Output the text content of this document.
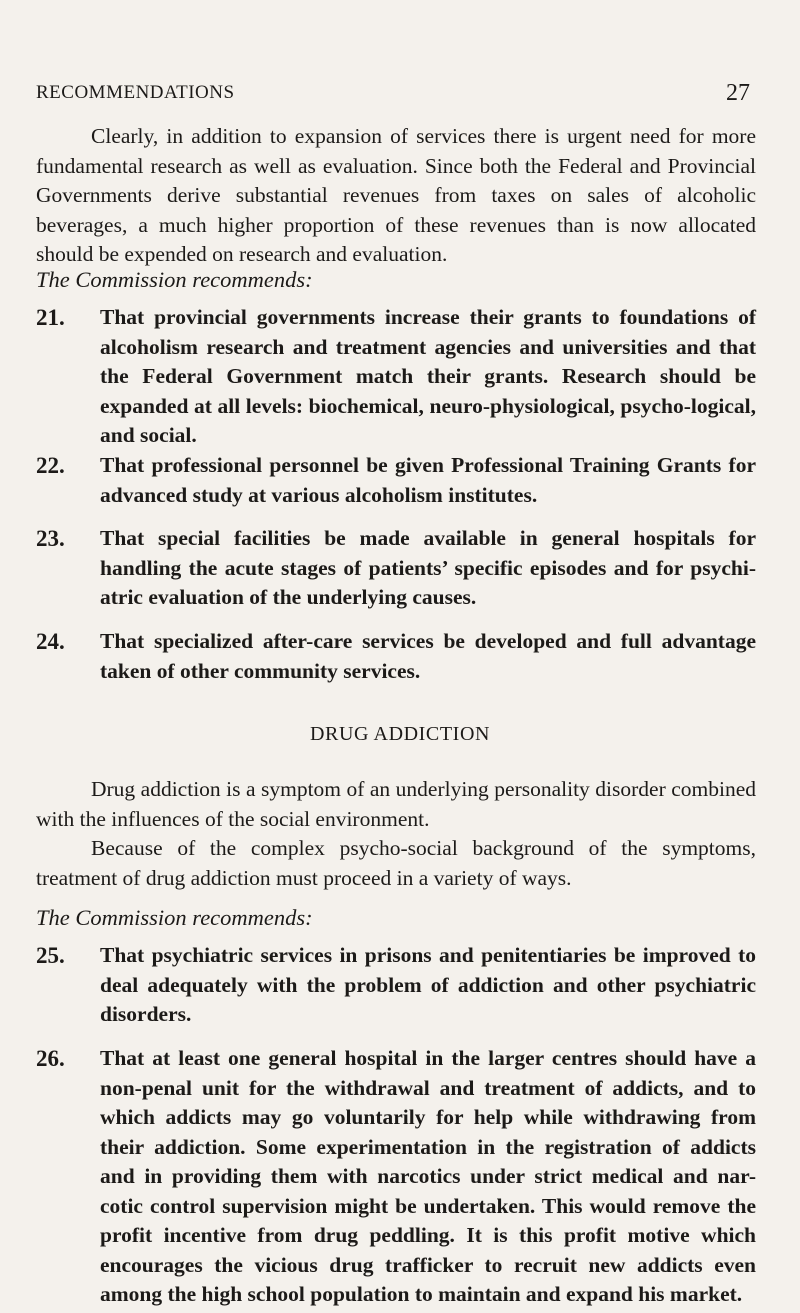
RECOMMENDATIONS	27

Clearly, in addition to expansion of services there is urgent need for more fundamental research as well as evaluation. Since both the Federal and Provincial Governments derive substantial revenues from taxes on sales of alcoholic beverages, a much higher proportion of these revenues than is now allocated should be expended on research and evaluation.

The Commission recommends:

21.	That provincial governments increase their grants to foundations of alcoholism research and treatment agencies and universities and that the Federal Government match their grants. Research should be expanded at all levels: biochemical, neuro-physiological, psycho-logical, and social.

22.	That professional personnel be given Professional Training Grants for advanced study at various alcoholism institutes.

23.	That special facilities be made available in general hospitals for handling the acute stages of patients’ specific episodes and for psychi-atric evaluation of the underlying causes.

24.	That specialized after-care services be developed and full advantage taken of other community services.

DRUG ADDICTION

Drug addiction is a symptom of an underlying personality disorder combined with the influences of the social environment.

Because of the complex psycho-social background of the symptoms, treatment of drug addiction must proceed in a variety of ways.

The Commission recommends:

25.	That psychiatric services in prisons and penitentiaries be improved to deal adequately with the problem of addiction and other psychiatric disorders.

26.	That at least one general hospital in the larger centres should have a non-penal unit for the withdrawal and treatment of addicts, and to which addicts may go voluntarily for help while withdrawing from their addiction. Some experimentation in the registration of addicts and in providing them with narcotics under strict medical and nar-cotic control supervision might be undertaken. This would remove the profit incentive from drug peddling. It is this profit motive which encourages the vicious drug trafficker to recruit new addicts even among the high school population to maintain and expand his market.
